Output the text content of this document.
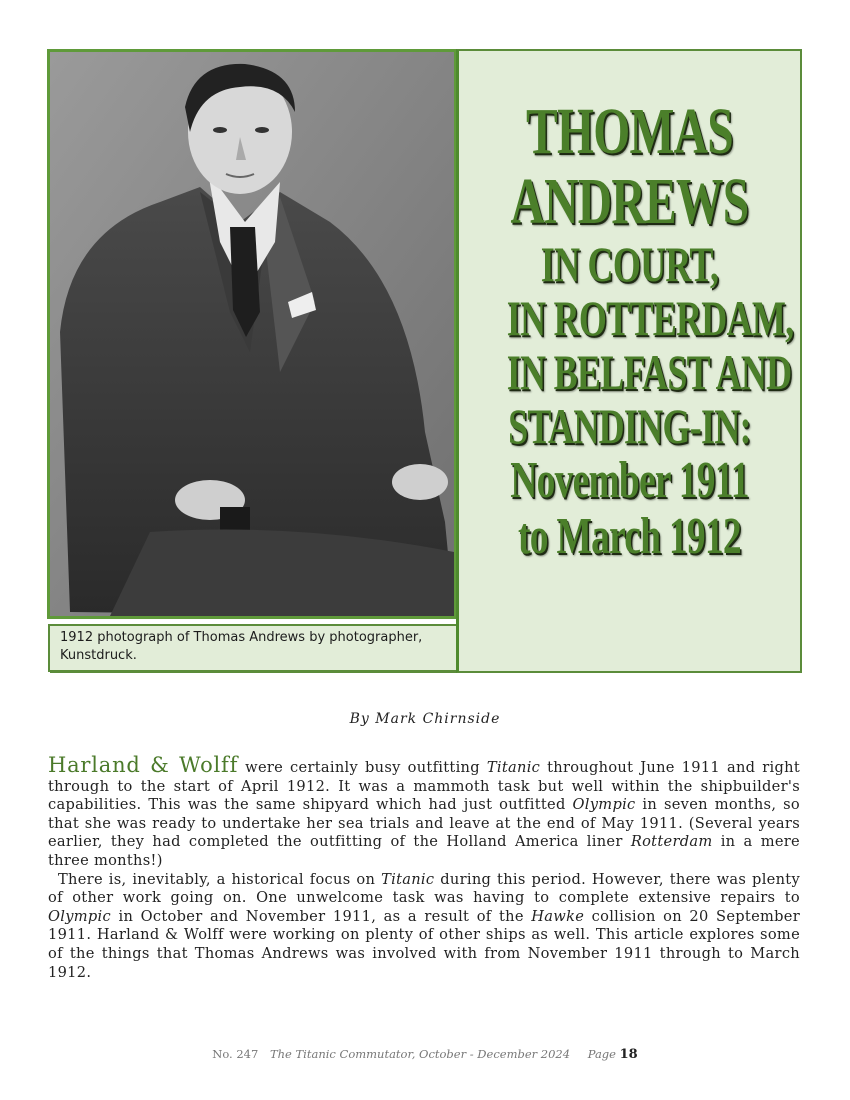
1912 photograph of Thomas Andrews by photographer, Kunstdruck.
THOMAS
ANDREWS
IN COURT,
IN ROTTERDAM,
IN BELFAST AND
STANDING-IN:
November 1911
to March 1912
By Mark Chirnside

Harland & Wolff were certainly busy outfitting Titanic throughout June 1911 and right through to the start of April 1912. It was a mammoth task but well within the shipbuilder's capabilities. This was the same shipyard which had just outfitted Olympic in seven months, so that she was ready to undertake her sea trials and leave at the end of May 1911. (Several years earlier, they had completed the outfitting of the Holland America liner Rotterdam in a mere three months!)

There is, inevitably, a historical focus on Titanic during this period. However, there was plenty of other work going on. One unwelcome task was having to complete extensive repairs to Olympic in October and November 1911, as a result of the Hawke collision on 20 September 1911. Harland & Wolff were working on plenty of other ships as well. This article explores some of the things that Thomas Andrews was involved with from November 1911 through to March 1912.

No. 247 The Titanic Commutator, October - December 2024 Page 18
